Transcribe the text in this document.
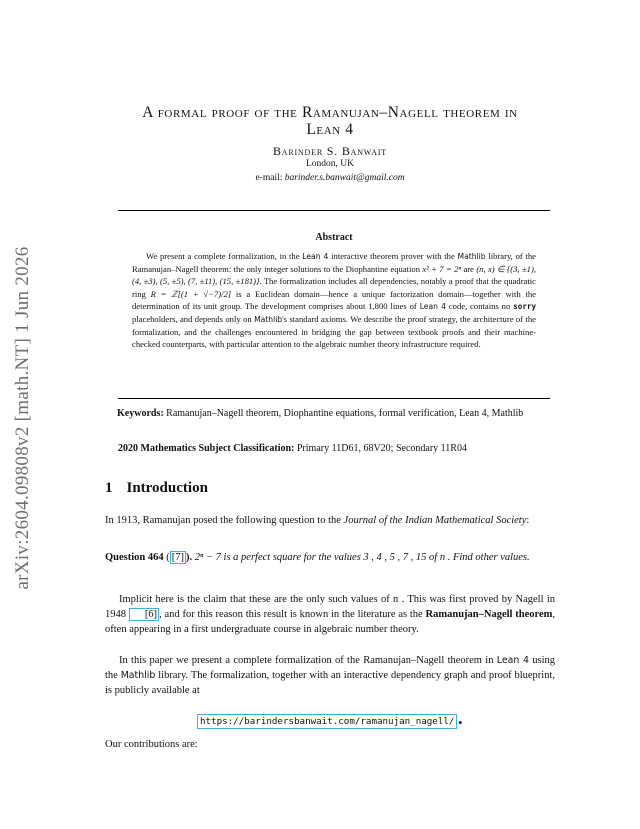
arXiv:2604.09808v2 [math.NT] 1 Jun 2026
A formal proof of the Ramanujan–Nagell theorem in
Lean 4
Barinder S. Banwait
London, UK
e-mail: barinder.s.banwait@gmail.com
Abstract
We present a complete formalization, in the Lean 4 interactive theorem prover with the Mathlib library, of the Ramanujan–Nagell theorem: the only integer solutions to the Diophantine equation x² + 7 = 2ⁿ are (n, x) ∈ {(3, ±1), (4, ±3), (5, ±5), (7, ±11), (15, ±181)}. The formalization includes all dependencies, notably a proof that the quadratic ring R = ℤ[(1 + √−7)/2] is a Euclidean domain—hence a unique factorization domain—together with the determination of its unit group. The development comprises about 1,800 lines of Lean 4 code, contains no sorry placeholders, and depends only on Mathlib's standard axioms. We describe the proof strategy, the architecture of the formalization, and the challenges encountered in bridging the gap between textbook proofs and their machine-checked counterparts, with particular attention to the algebraic number theory infrastructure required.
Keywords: Ramanujan–Nagell theorem, Diophantine equations, formal verification, Lean 4, Mathlib
2020 Mathematics Subject Classification: Primary 11D61, 68V20; Secondary 11R04
1 Introduction
In 1913, Ramanujan posed the following question to the Journal of the Indian Mathematical Society:
Question 464 ( [7] ). 2ⁿ − 7 is a perfect square for the values 3 , 4 , 5 , 7 , 15 of n . Find other values.
Implicit here is the claim that these are the only such values of n . This was first proved by Nagell in 1948 [6] , and for this reason this result is known in the literature as the Ramanujan–Nagell theorem, often appearing in a first undergraduate course in algebraic number theory.
In this paper we present a complete formalization of the Ramanujan–Nagell theorem in Lean 4 using the Mathlib library. The formalization, together with an interactive dependency graph and proof blueprint, is publicly available at
https://barindersbanwait.com/ramanujan_nagell/ .
Our contributions are:
